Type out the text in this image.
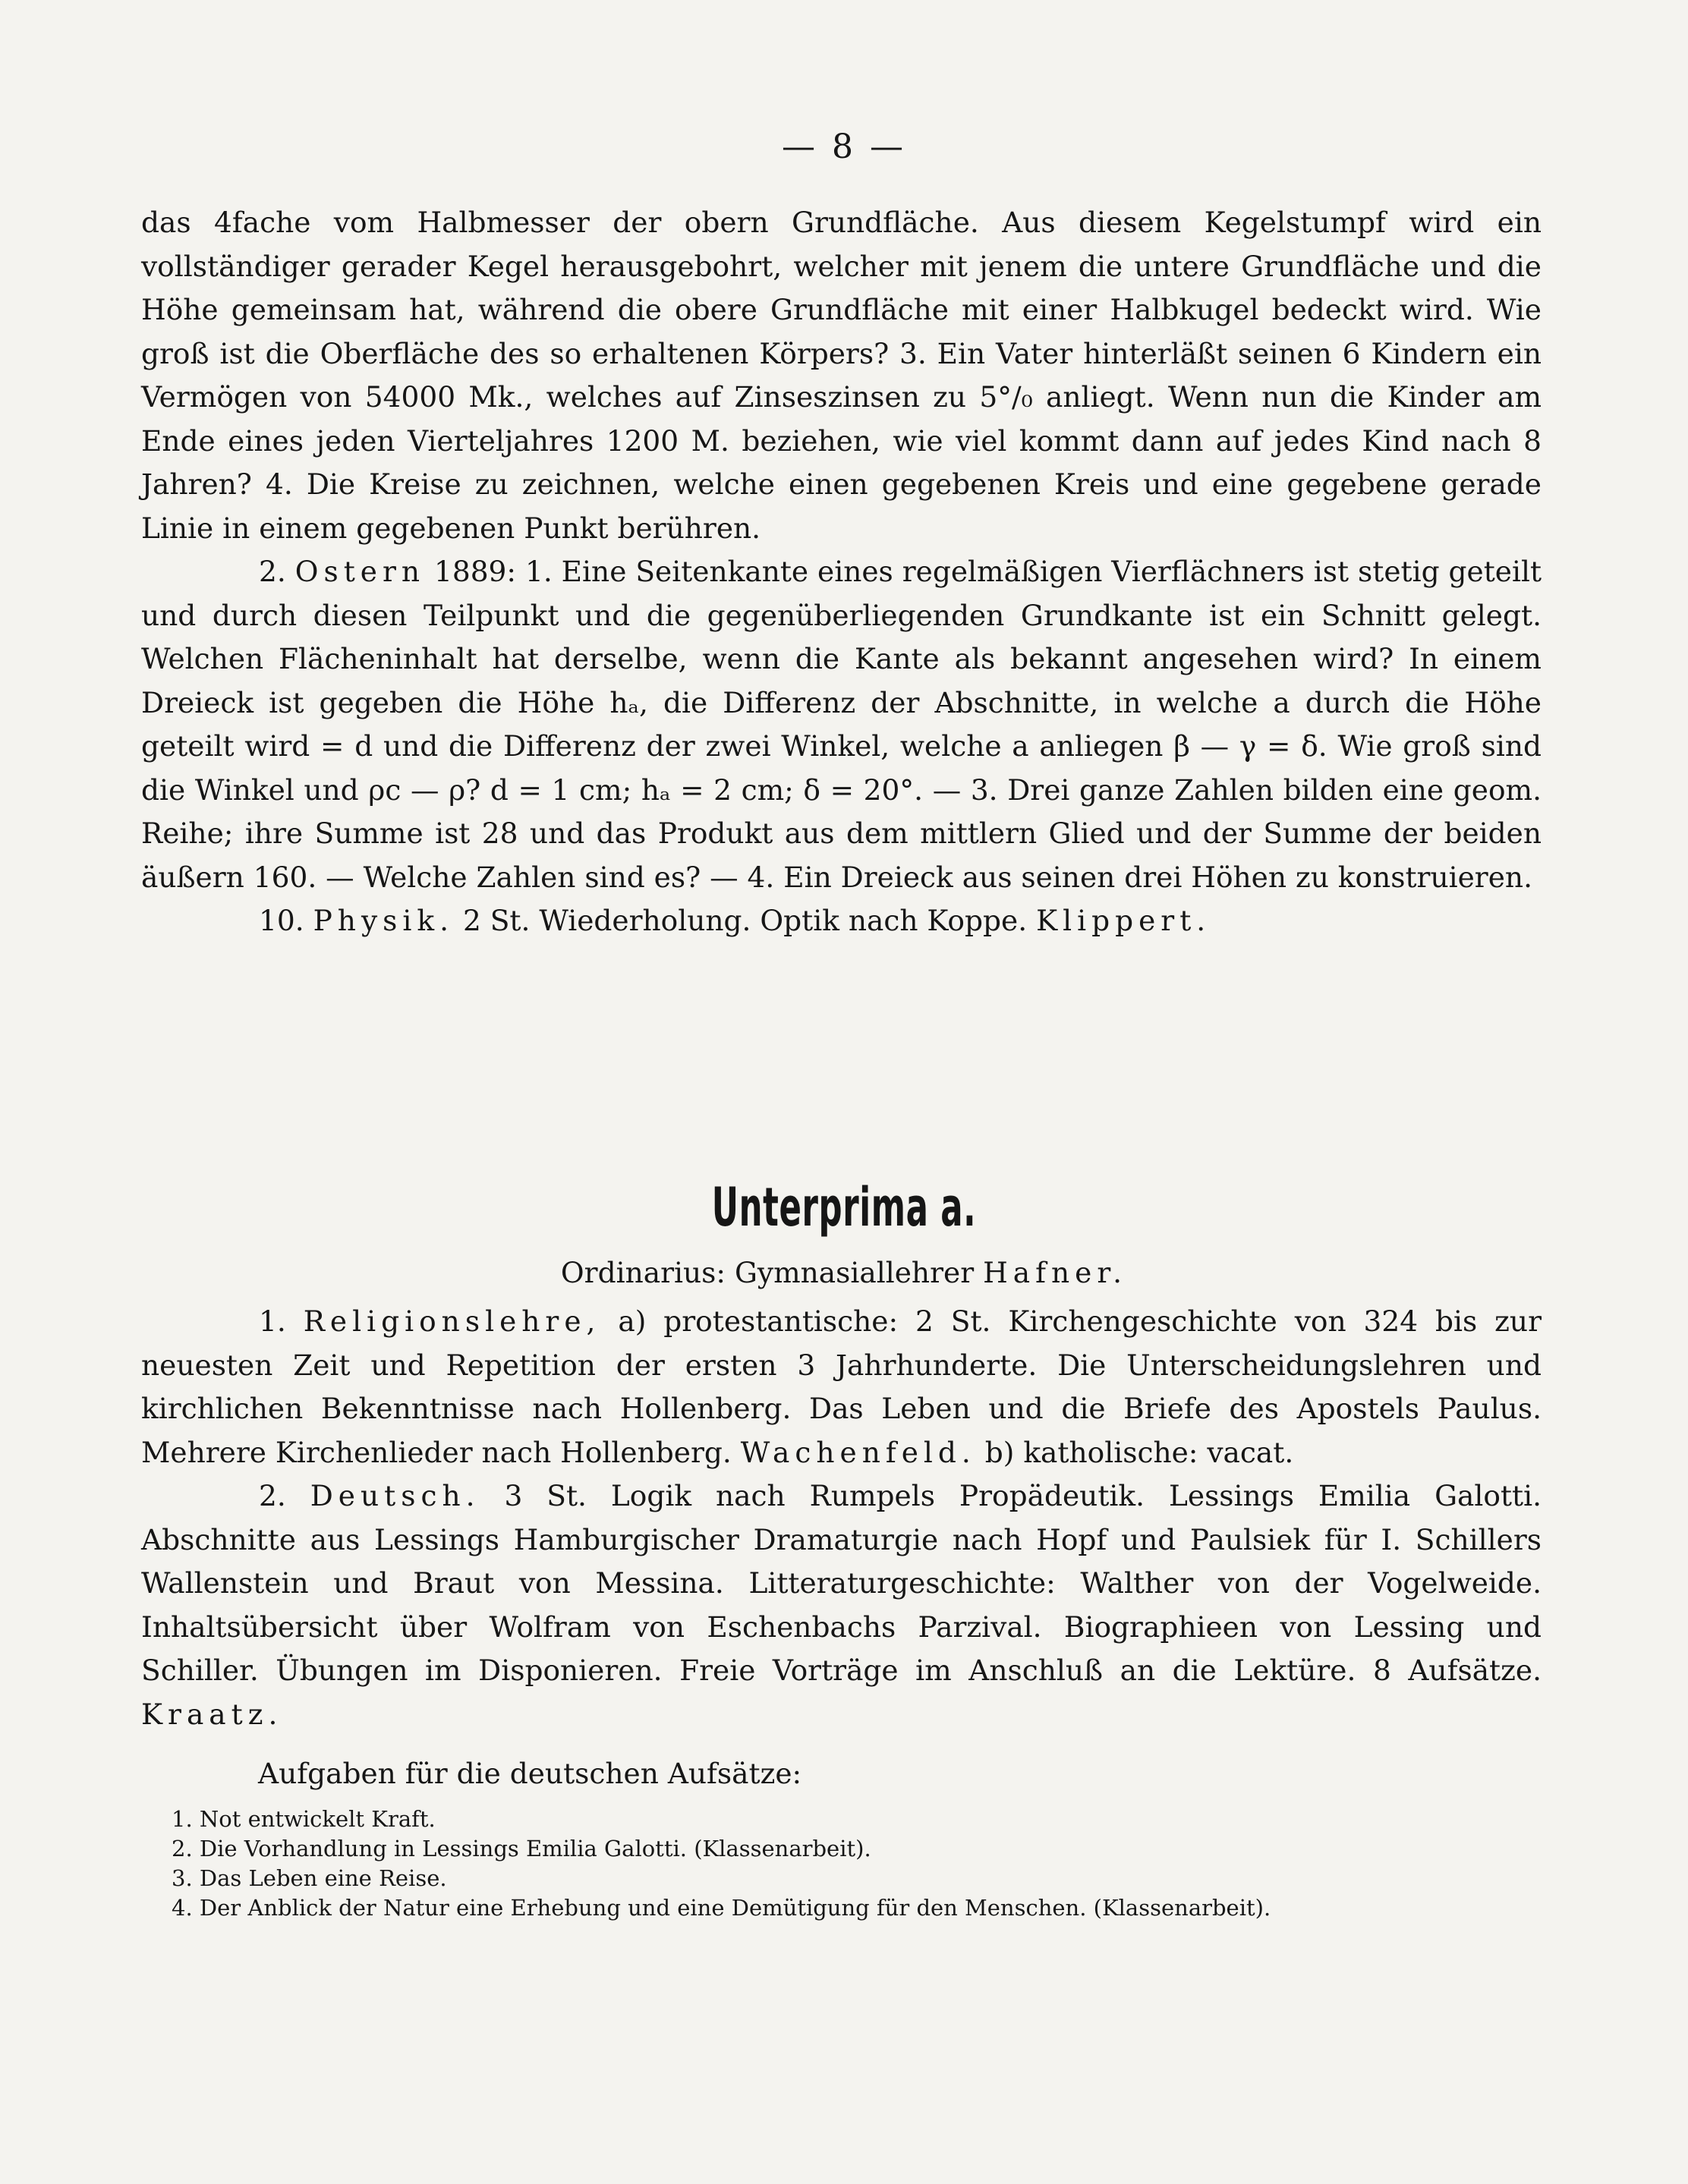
— 8 —

das 4fache vom Halbmesser der obern Grundfläche. Aus diesem Kegelstumpf wird ein vollständiger gerader Kegel herausgebohrt, welcher mit jenem die untere Grundfläche und die Höhe gemeinsam hat, während die obere Grundfläche mit einer Halbkugel bedeckt wird. Wie groß ist die Oberfläche des so erhaltenen Körpers? 3. Ein Vater hinterläßt seinen 6 Kindern ein Vermögen von 54000 Mk., welches auf Zinseszinsen zu 5°/₀ anliegt. Wenn nun die Kinder am Ende eines jeden Vierteljahres 1200 M. beziehen, wie viel kommt dann auf jedes Kind nach 8 Jahren? 4. Die Kreise zu zeichnen, welche einen gegebenen Kreis und eine gegebene gerade Linie in einem gegebenen Punkt berühren.

2. Ostern 1889: 1. Eine Seitenkante eines regelmäßigen Vierflächners ist stetig geteilt und durch diesen Teilpunkt und die gegenüberliegenden Grundkante ist ein Schnitt gelegt. Welchen Flächeninhalt hat derselbe, wenn die Kante als bekannt angesehen wird? In einem Dreieck ist gegeben die Höhe hₐ, die Differenz der Abschnitte, in welche a durch die Höhe geteilt wird = d und die Differenz der zwei Winkel, welche a anliegen β — γ = δ. Wie groß sind die Winkel und ρc — ρ? d = 1 cm; hₐ = 2 cm; δ = 20°. — 3. Drei ganze Zahlen bilden eine geom. Reihe; ihre Summe ist 28 und das Produkt aus dem mittlern Glied und der Summe der beiden äußern 160. — Welche Zahlen sind es? — 4. Ein Dreieck aus seinen drei Höhen zu konstruieren.

10. Physik. 2 St. Wiederholung. Optik nach Koppe. Klippert.

Unterprima a.
Ordinarius: Gymnasiallehrer Hafner.

1. Religionslehre, a) protestantische: 2 St. Kirchengeschichte von 324 bis zur neuesten Zeit und Repetition der ersten 3 Jahrhunderte. Die Unterscheidungslehren und kirchlichen Bekenntnisse nach Hollenberg. Das Leben und die Briefe des Apostels Paulus. Mehrere Kirchenlieder nach Hollenberg. Wachenfeld. b) katholische: vacat.

2. Deutsch. 3 St. Logik nach Rumpels Propädeutik. Lessings Emilia Galotti. Abschnitte aus Lessings Hamburgischer Dramaturgie nach Hopf und Paulsiek für I. Schillers Wallenstein und Braut von Messina. Litteraturgeschichte: Walther von der Vogelweide. Inhaltsübersicht über Wolfram von Eschenbachs Parzival. Biographieen von Lessing und Schiller. Übungen im Disponieren. Freie Vorträge im Anschluß an die Lektüre. 8 Aufsätze. Kraatz.

Aufgaben für die deutschen Aufsätze:
1. Not entwickelt Kraft.
2. Die Vorhandlung in Lessings Emilia Galotti. (Klassenarbeit).
3. Das Leben eine Reise.
4. Der Anblick der Natur eine Erhebung und eine Demütigung für den Menschen. (Klassenarbeit).
